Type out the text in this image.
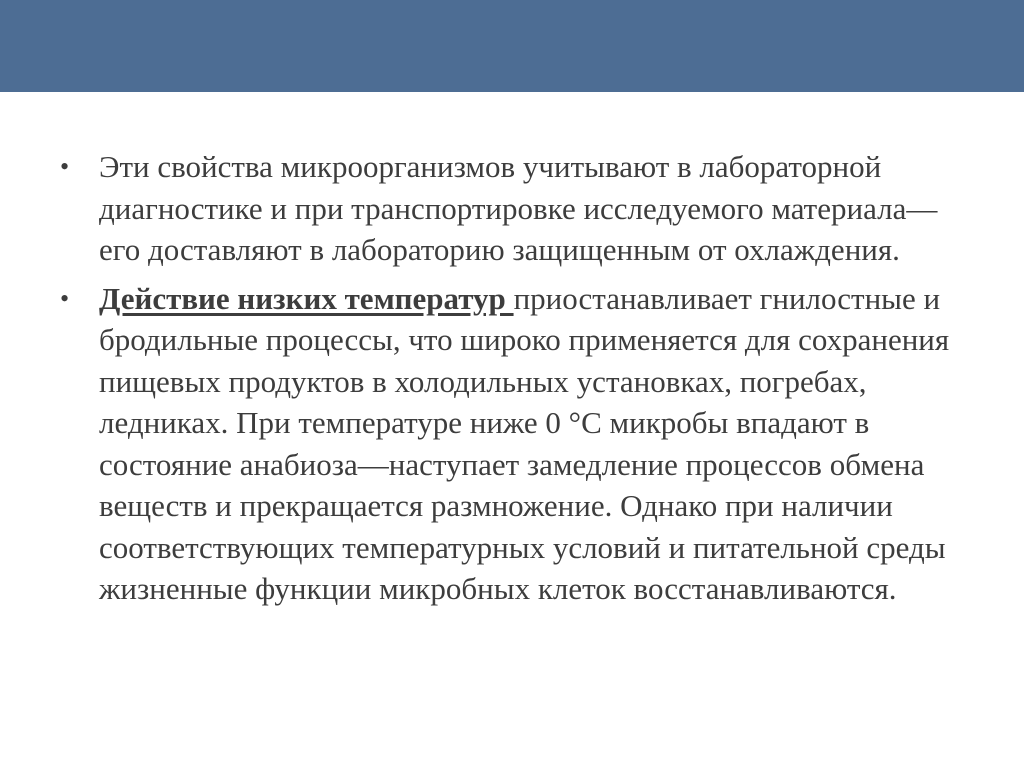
• Эти свойства микроорганизмов учитывают в лабораторной диагностике и при транспортировке исследуемого материала—его доставляют в лабораторию защищенным от охлаждения.
• Действие низких температур приостанавливает гнилостные и бродильные процессы, что широко применяется для сохранения пищевых продуктов в холодильных установках, погребах, ледниках. При температуре ниже 0 °С микробы впадают в состояние анабиоза—наступает замедление процессов обмена веществ и прекращается размножение. Однако при наличии соответствующих температурных условий и питательной среды жизненные функции микробных клеток восстанавливаются.
